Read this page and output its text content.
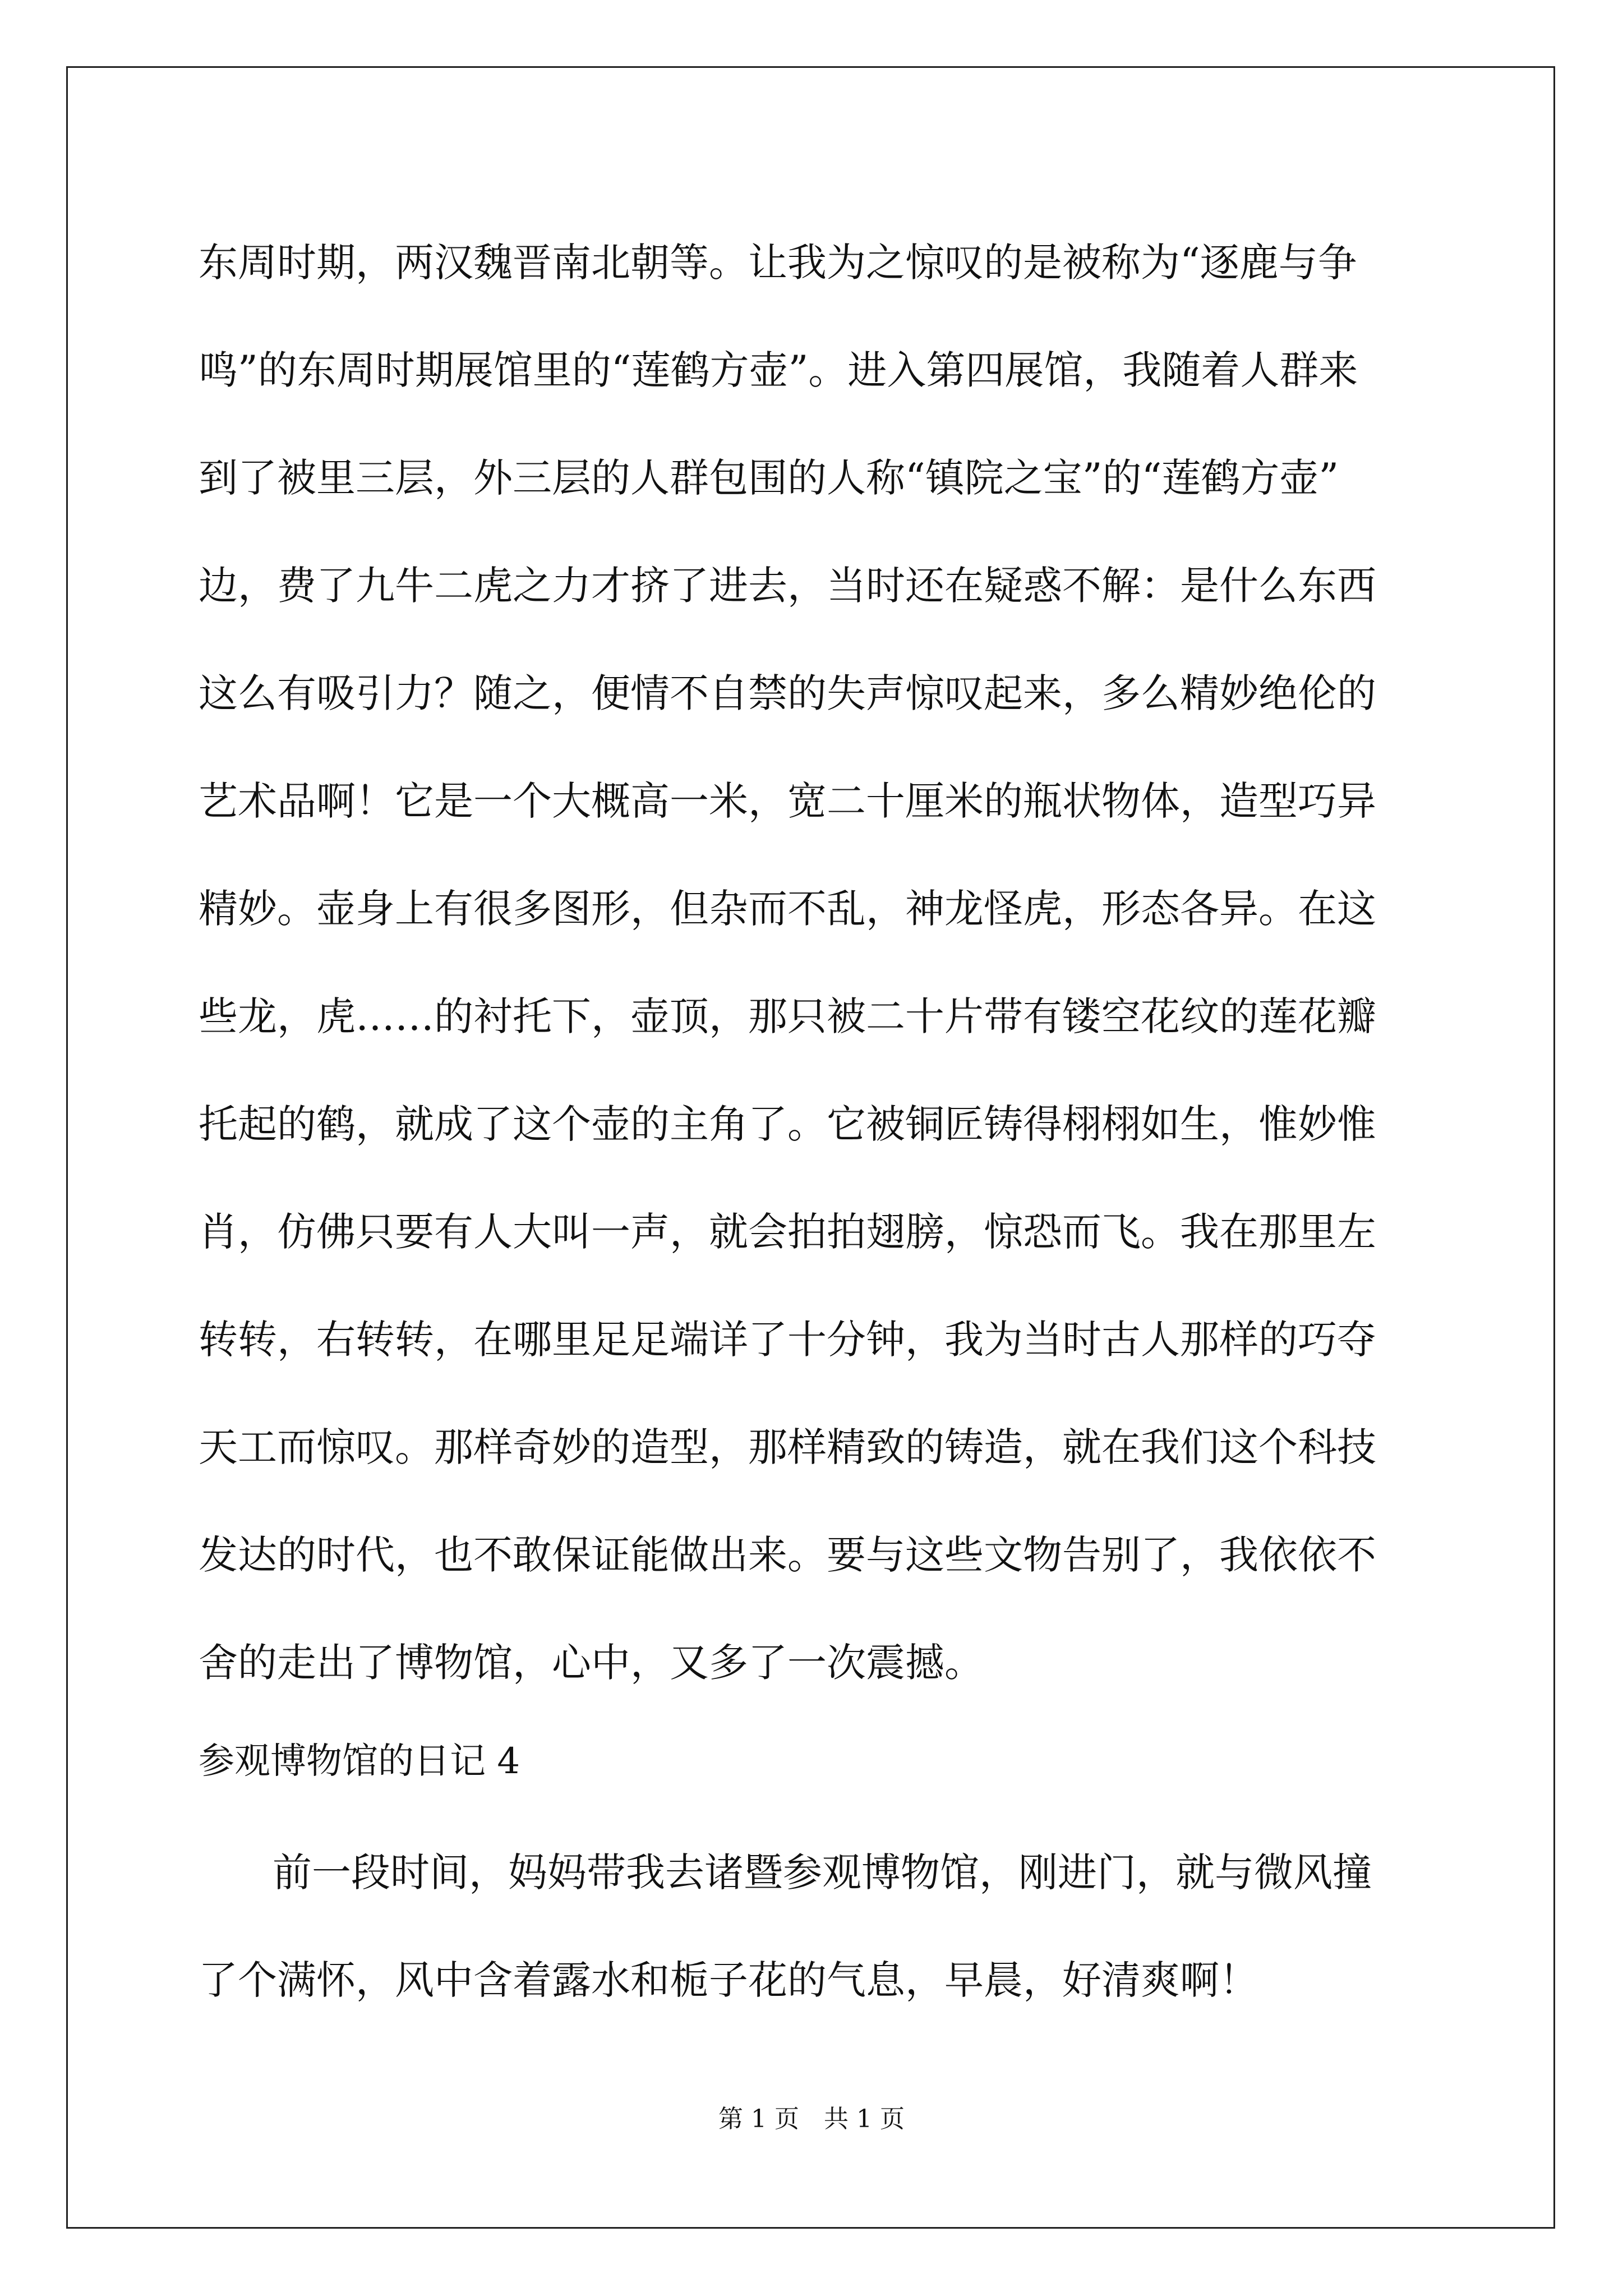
东周时期，两汉魏晋南北朝等。让我为之惊叹的是被称为“逐鹿与争
鸣”的东周时期展馆里的“莲鹤方壶”。进入第四展馆，我随着人群来
到了被里三层，外三层的人群包围的人称“镇院之宝”的“莲鹤方壶”
边，费了九牛二虎之力才挤了进去，当时还在疑惑不解：是什么东西
这么有吸引力？随之，便情不自禁的失声惊叹起来，多么精妙绝伦的
艺术品啊！它是一个大概高一米，宽二十厘米的瓶状物体，造型巧异
精妙。壶身上有很多图形，但杂而不乱，神龙怪虎，形态各异。在这
些龙，虎……的衬托下，壶顶，那只被二十片带有镂空花纹的莲花瓣
托起的鹤，就成了这个壶的主角了。它被铜匠铸得栩栩如生，惟妙惟
肖，仿佛只要有人大叫一声，就会拍拍翅膀，惊恐而飞。我在那里左
转转，右转转，在哪里足足端详了十分钟，我为当时古人那样的巧夺
天工而惊叹。那样奇妙的造型，那样精致的铸造，就在我们这个科技
发达的时代，也不敢保证能做出来。要与这些文物告别了，我依依不
舍的走出了博物馆，心中，又多了一次震撼。
参观博物馆的日记 4
前一段时间，妈妈带我去诸暨参观博物馆，刚进门，就与微风撞
了个满怀，风中含着露水和栀子花的气息，早晨，好清爽啊！
第 1 页 共 1 页
